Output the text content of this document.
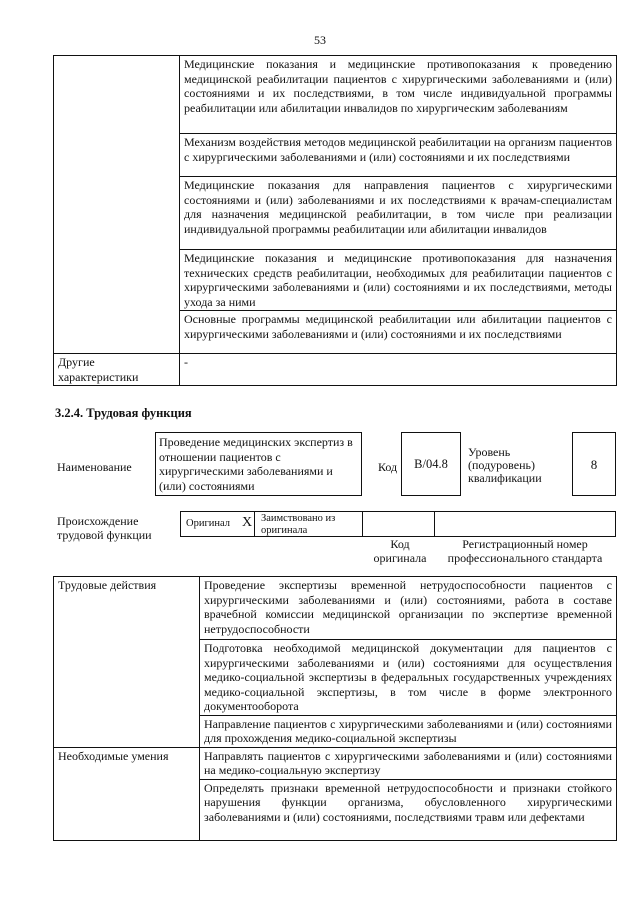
53
	Медицинские показания и медицинские противопоказания к проведению медицинской реабилитации пациентов с хирургическими заболеваниями и (или) состояниями и их последствиями, в том числе индивидуальной программы реабилитации или абилитации инвалидов по хирургическим заболеваниям
	Механизм воздействия методов медицинской реабилитации на организм пациентов с хирургическими заболеваниями и (или) состояниями и их последствиями
	Медицинские показания для направления пациентов с хирургическими состояниями и (или) заболеваниями и их последствиями к врачам-специалистам для назначения медицинской реабилитации, в том числе при реализации индивидуальной программы реабилитации или абилитации инвалидов
	Медицинские показания и медицинские противопоказания для назначения технических средств реабилитации, необходимых для реабилитации пациентов с хирургическими заболеваниями и (или) состояниями и их последствиями, методы ухода за ними
	Основные программы медицинской реабилитации или абилитации пациентов с хирургическими заболеваниями и (или) состояниями и их последствиями
Другие характеристики	-
3.2.4. Трудовая функция
Наименование
Проведение медицинских экспертиз в отношении пациентов с хирургическими заболеваниями и (или) состояниями
Код	В/04.8
Уровень (подуровень) квалификации
8
Происхождение трудовой функции
Оригинал X Заимствовано из оригинала
Код оригинала
Регистрационный номер профессионального стандарта
Трудовые действия	Проведение экспертизы временной нетрудоспособности пациентов с хирургическими заболеваниями и (или) состояниями, работа в составе врачебной комиссии медицинской организации по экспертизе временной нетрудоспособности
	Подготовка необходимой медицинской документации для пациентов с хирургическими заболеваниями и (или) состояниями для осуществления медико-социальной экспертизы в федеральных государственных учреждениях медико-социальной экспертизы, в том числе в форме электронного документооборота
	Направление пациентов с хирургическими заболеваниями и (или) состояниями для прохождения медико-социальной экспертизы
Необходимые умения	Направлять пациентов с хирургическими заболеваниями и (или) состояниями на медико-социальную экспертизу
	Определять признаки временной нетрудоспособности и признаки стойкого нарушения функции организма, обусловленного хирургическими заболеваниями и (или) состояниями, последствиями травм или дефектами
